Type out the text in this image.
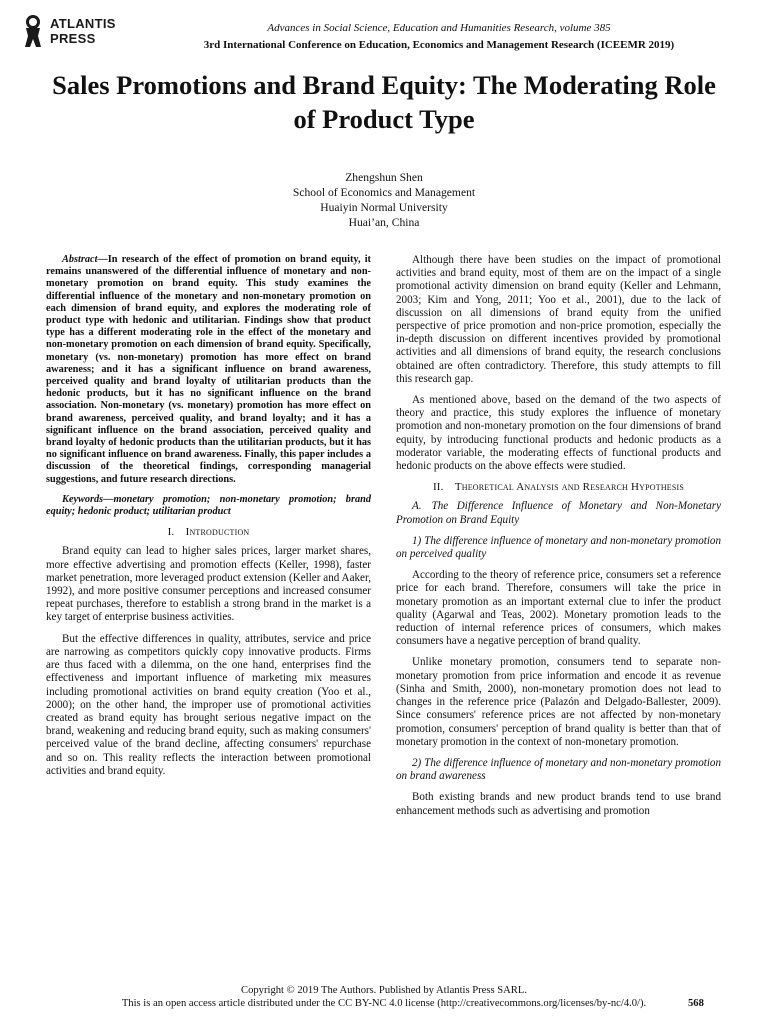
ATLANTIS
PRESS
Advances in Social Science, Education and Humanities Research, volume 385
3rd International Conference on Education, Economics and Management Research (ICEEMR 2019)
Sales Promotions and Brand Equity: The Moderating Role of Product Type
Zhengshun Shen
School of Economics and Management
Huaiyin Normal University
Huai’an, China

Abstract—In research of the effect of promotion on brand equity, it remains unanswered of the differential influence of monetary and non-monetary promotion on brand equity. This study examines the differential influence of the monetary and non-monetary promotion on each dimension of brand equity, and explores the moderating role of product type with hedonic and utilitarian. Findings show that product type has a different moderating role in the effect of the monetary and non-monetary promotion on each dimension of brand equity. Specifically, monetary (vs. non-monetary) promotion has more effect on brand awareness; and it has a significant influence on brand awareness, perceived quality and brand loyalty of utilitarian products than the hedonic products, but it has no significant influence on the brand association. Non-monetary (vs. monetary) promotion has more effect on brand awareness, perceived quality, and brand loyalty; and it has a significant influence on the brand association, perceived quality and brand loyalty of hedonic products than the utilitarian products, but it has no significant influence on brand awareness. Finally, this paper includes a discussion of the theoretical findings, corresponding managerial suggestions, and future research directions.

Keywords—monetary promotion; non-monetary promotion; brand equity; hedonic product; utilitarian product

I. Introduction

Brand equity can lead to higher sales prices, larger market shares, more effective advertising and promotion effects (Keller, 1998), faster market penetration, more leveraged product extension (Keller and Aaker, 1992), and more positive consumer perceptions and increased consumer repeat purchases, therefore to establish a strong brand in the market is a key target of enterprise business activities.

But the effective differences in quality, attributes, service and price are narrowing as competitors quickly copy innovative products. Firms are thus faced with a dilemma, on the one hand, enterprises find the effectiveness and important influence of marketing mix measures including promotional activities on brand equity creation (Yoo et al., 2000); on the other hand, the improper use of promotional activities created as brand equity has brought serious negative impact on the brand, weakening and reducing brand equity, such as making consumers' perceived value of the brand decline, affecting consumers' repurchase and so on. This reality reflects the interaction between promotional activities and brand equity.

Although there have been studies on the impact of promotional activities and brand equity, most of them are on the impact of a single promotional activity dimension on brand equity (Keller and Lehmann, 2003; Kim and Yong, 2011; Yoo et al., 2001), due to the lack of discussion on all dimensions of brand equity from the unified perspective of price promotion and non-price promotion, especially the in-depth discussion on different incentives provided by promotional activities and all dimensions of brand equity, the research conclusions obtained are often contradictory. Therefore, this study attempts to fill this research gap.

As mentioned above, based on the demand of the two aspects of theory and practice, this study explores the influence of monetary promotion and non-monetary promotion on the four dimensions of brand equity, by introducing functional products and hedonic products as a moderator variable, the moderating effects of functional products and hedonic products on the above effects were studied.

II. Theoretical Analysis and Research Hypothesis

A. The Difference Influence of Monetary and Non-Monetary Promotion on Brand Equity

1) The difference influence of monetary and non-monetary promotion on perceived quality

According to the theory of reference price, consumers set a reference price for each brand. Therefore, consumers will take the price in monetary promotion as an important external clue to infer the product quality (Agarwal and Teas, 2002). Monetary promotion leads to the reduction of internal reference prices of consumers, which makes consumers have a negative perception of brand quality.

Unlike monetary promotion, consumers tend to separate non-monetary promotion from price information and encode it as revenue (Sinha and Smith, 2000), non-monetary promotion does not lead to changes in the reference price (Palazón and Delgado-Ballester, 2009). Since consumers' reference prices are not affected by non-monetary promotion, consumers' perception of brand quality is better than that of monetary promotion in the context of non-monetary promotion.

2) The difference influence of monetary and non-monetary promotion on brand awareness

Both existing brands and new product brands tend to use brand enhancement methods such as advertising and promotion

Copyright © 2019 The Authors. Published by Atlantis Press SARL.
This is an open access article distributed under the CC BY-NC 4.0 license (http://creativecommons.org/licenses/by-nc/4.0/).	568
